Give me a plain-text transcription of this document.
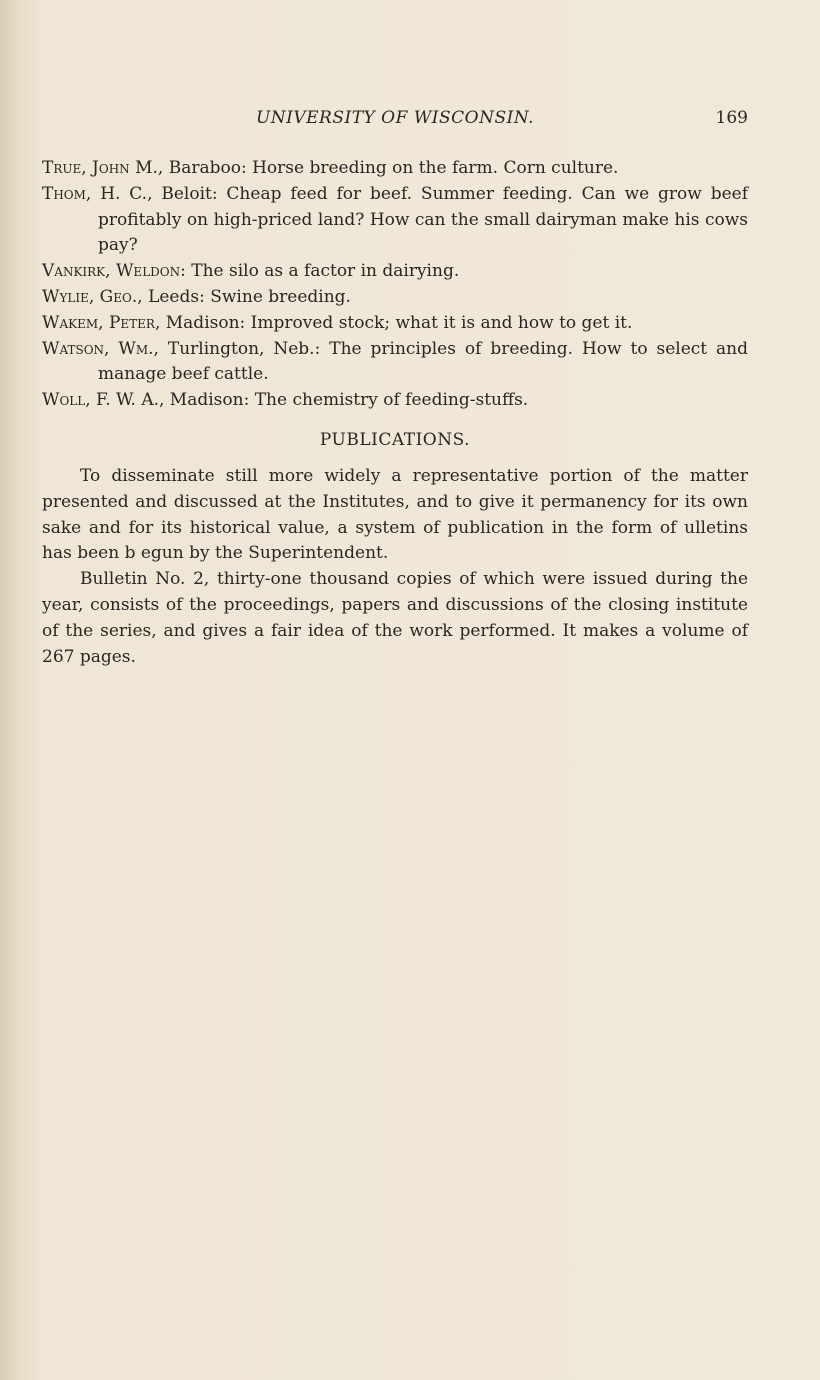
UNIVERSITY OF WISCONSIN.	169
True, John M., Baraboo: Horse breeding on the farm. Corn culture.
Thom, H. C., Beloit: Cheap feed for beef. Summer feeding. Can we grow beef profitably on high-priced land? How can the small dairyman make his cows pay?
Vankirk, Weldon: The silo as a factor in dairying.
Wylie, Geo., Leeds: Swine breeding.
Wakem, Peter, Madison: Improved stock; what it is and how to get it.
Watson, Wm., Turlington, Neb.: The principles of breeding. How to select and manage beef cattle.
Woll, F. W. A., Madison: The chemistry of feeding-stuffs.
PUBLICATIONS.

To disseminate still more widely a representative portion of the matter presented and discussed at the Institutes, and to give it permanency for its own sake and for its historical value, a system of publication in the form of ulletins has been b egun by the Superintendent.

Bulletin No. 2, thirty-one thousand copies of which were issued during the year, consists of the proceedings, papers and discussions of the closing institute of the series, and gives a fair idea of the work performed. It makes a volume of 267 pages.
